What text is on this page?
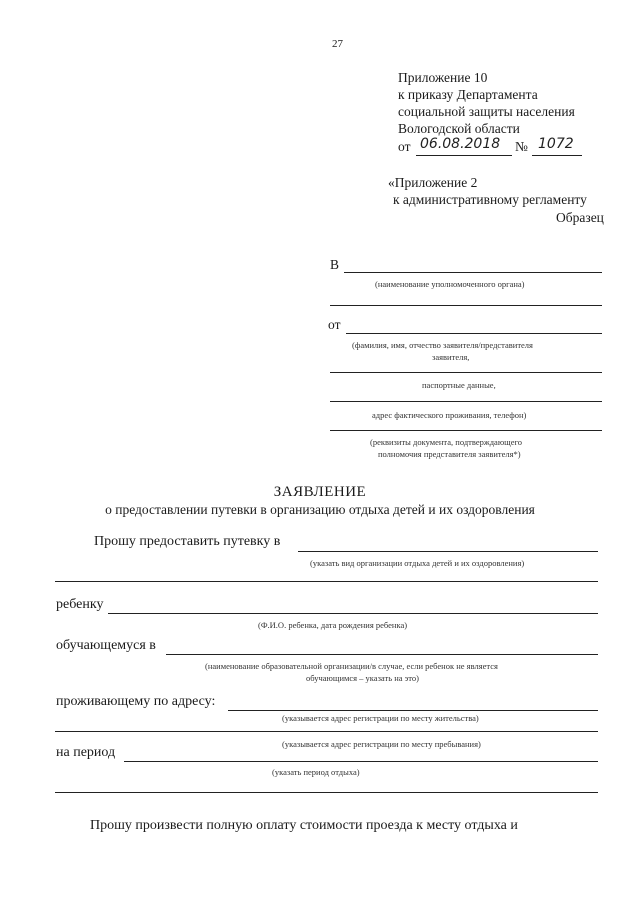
27
Приложение 10
к приказу Департамента
социальной защиты населения
Вологодской области
от 06.08.2018 № 1072
«Приложение 2
к административному регламенту
Образец
В
(наименование уполномоченного органа)
от
(фамилия, имя, отчество заявителя/представителя
заявителя,
паспортные данные,
адрес фактического проживания, телефон)
(реквизиты документа, подтверждающего
полномочия представителя заявителя*)
ЗАЯВЛЕНИЕ
о предоставлении путевки в организацию отдыха детей и их оздоровления
Прошу предоставить путевку в
(указать вид организации отдыха детей и их оздоровления)
ребенку
(Ф.И.О. ребенка, дата рождения ребенка)
обучающемуся в
(наименование образовательной организации/в случае, если ребенок не является
обучающимся – указать на это)
проживающему по адресу:
(указывается адрес регистрации по месту жительства)
(указывается адрес регистрации по месту пребывания)
на период
(указать период отдыха)
Прошу произвести полную оплату стоимости проезда к месту отдыха и
